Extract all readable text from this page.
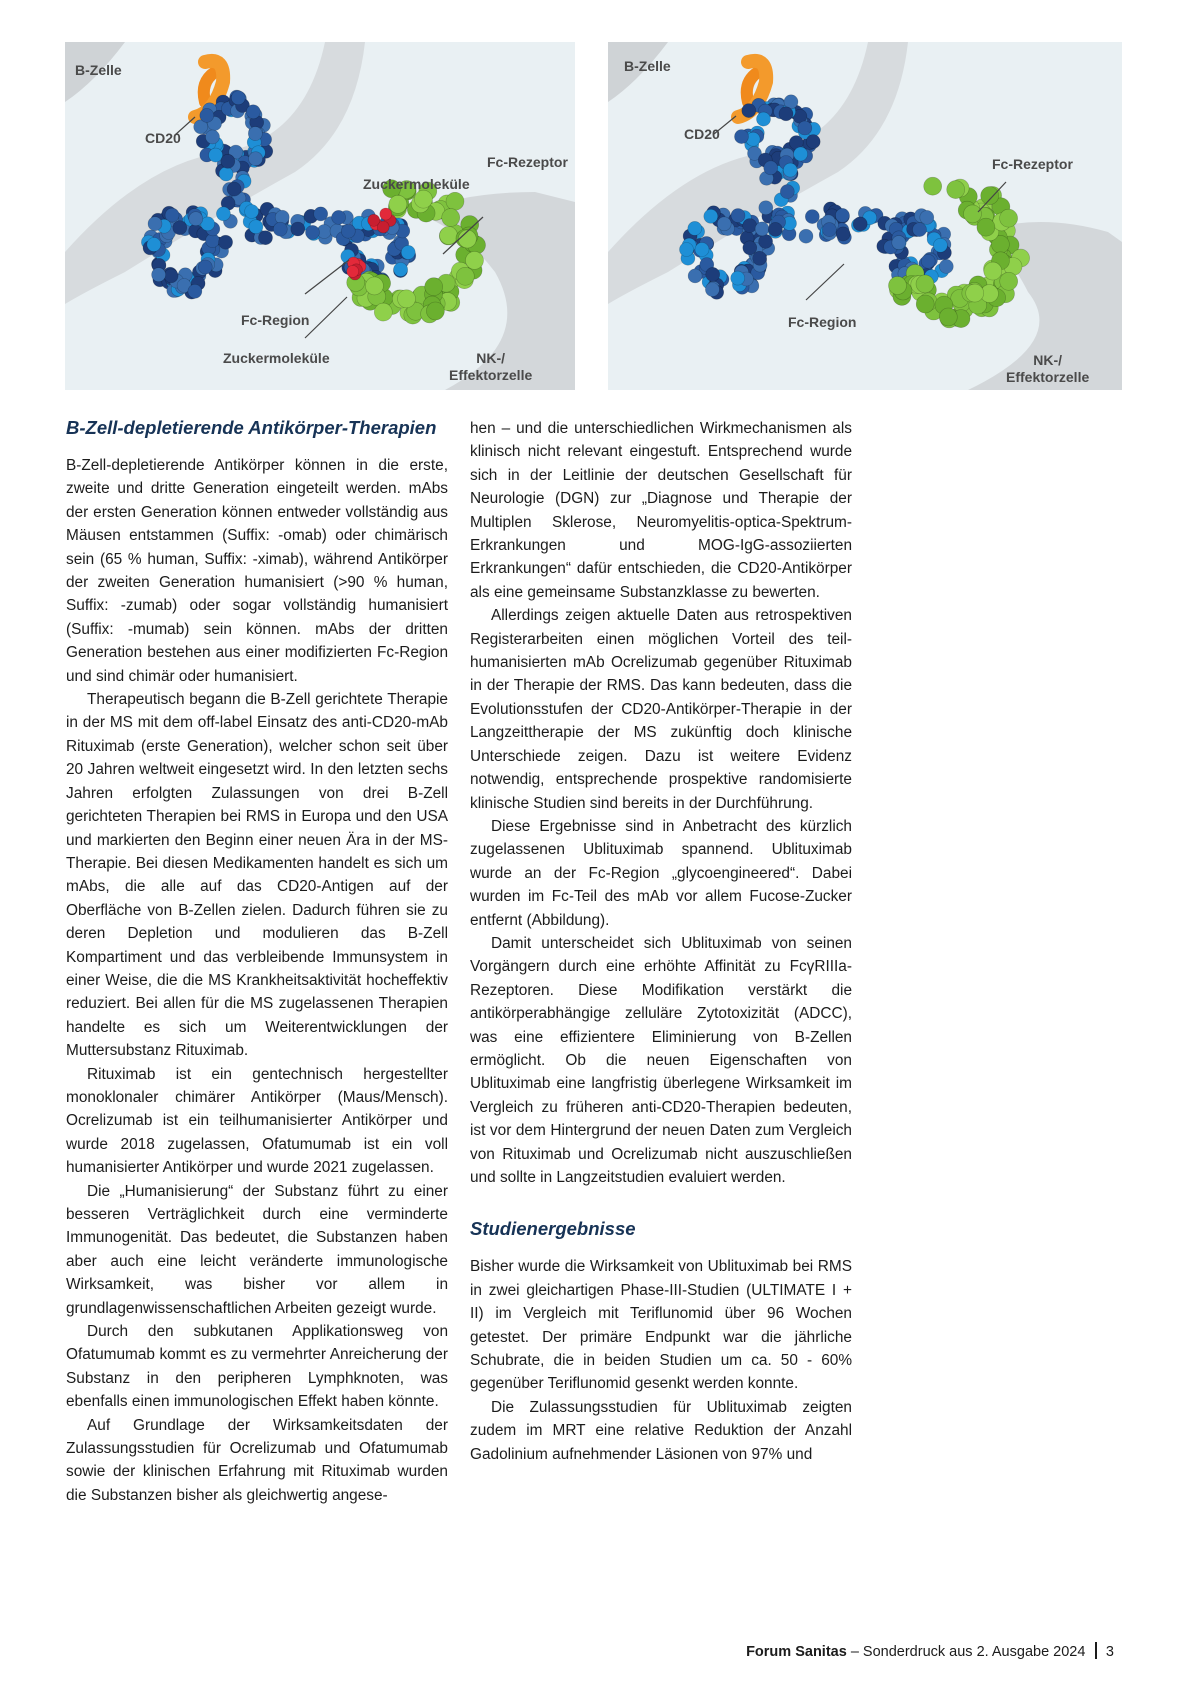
B-Zelle
CD20
Fc-Rezeptor
Zuckermoleküle
Fc-Region
Zuckermoleküle	NK-/
Effektorzelle
B-Zelle
CD20
Fc-Rezeptor
Fc-Region
NK-/
Effektorzelle
B-Zell-depletierende Antikörper-Therapien

B-Zell-depletierende Antikörper können in die erste, zweite und dritte Generation eingeteilt werden. mAbs der ersten Generation können entweder vollständig aus Mäusen entstammen (Suffix: -omab) oder chimärisch sein (65 % human, Suffix: -ximab), während Antikörper der zweiten Generation humanisiert (>90 % human, Suffix: -zumab) oder sogar vollständig humanisiert (Suffix: -mumab) sein können. mAbs der dritten Generation bestehen aus einer modifizierten Fc-Region und sind chimär oder humanisiert.

Therapeutisch begann die B-Zell gerichtete Therapie in der MS mit dem off-label Einsatz des anti-CD20-mAb Rituximab (erste Generation), welcher schon seit über 20 Jahren weltweit eingesetzt wird. In den letzten sechs Jahren erfolgten Zulassungen von drei B-Zell gerichteten Therapien bei RMS in Europa und den USA und markierten den Beginn einer neuen Ära in der MS-Therapie. Bei diesen Medikamenten handelt es sich um mAbs, die alle auf das CD20-Antigen auf der Oberfläche von B-Zellen zielen. Dadurch führen sie zu deren Depletion und modulieren das B-Zell Kompartiment und das verbleibende Immunsystem in einer Weise, die die MS Krankheitsaktivität hocheffektiv reduziert. Bei allen für die MS zugelassenen Therapien handelte es sich um Weiterentwicklungen der Muttersubstanz Rituximab.

Rituximab ist ein gentechnisch hergestellter monoklonaler chimärer Antikörper (Maus/Mensch). Ocrelizumab ist ein teilhumanisierter Antikörper und wurde 2018 zugelassen, Ofatumumab ist ein voll humanisierter Antikörper und wurde 2021 zugelassen.

Die „Humanisierung“ der Substanz führt zu einer besseren Verträglichkeit durch eine verminderte Immunogenität. Das bedeutet, die Substanzen haben aber auch eine leicht veränderte immunologische Wirksamkeit, was bisher vor allem in grundlagenwissenschaftlichen Arbeiten gezeigt wurde.

Durch den subkutanen Applikationsweg von Ofatumumab kommt es zu vermehrter Anreicherung der Substanz in den peripheren Lymphknoten, was ebenfalls einen immunologischen Effekt haben könnte.

Auf Grundlage der Wirksamkeitsdaten der Zulassungsstudien für Ocrelizumab und Ofatumumab sowie der klinischen Erfahrung mit Rituximab wurden die Substanzen bisher als gleichwertig angese-

hen – und die unterschiedlichen Wirkmechanismen als klinisch nicht relevant eingestuft. Entsprechend wurde sich in der Leitlinie der deutschen Gesellschaft für Neurologie (DGN) zur „Diagnose und Therapie der Multiplen Sklerose, Neuromyelitis-optica-Spektrum-Erkrankungen und MOG-IgG-assoziierten Erkrankungen“ dafür entschieden, die CD20-Antikörper als eine gemeinsame Substanzklasse zu bewerten.

Allerdings zeigen aktuelle Daten aus retrospektiven Registerarbeiten einen möglichen Vorteil des teil-humanisierten mAb Ocrelizumab gegenüber Rituximab in der Therapie der RMS. Das kann bedeuten, dass die Evolutionsstufen der CD20-Antikörper-Therapie in der Langzeittherapie der MS zukünftig doch klinische Unterschiede zeigen. Dazu ist weitere Evidenz notwendig, entsprechende prospektive randomisierte klinische Studien sind bereits in der Durchführung.

Diese Ergebnisse sind in Anbetracht des kürzlich zugelassenen Ublituximab spannend. Ublituximab wurde an der Fc-Region „glycoengineered“. Dabei wurden im Fc-Teil des mAb vor allem Fucose-Zucker entfernt (Abbildung).

Damit unterscheidet sich Ublituximab von seinen Vorgängern durch eine erhöhte Affinität zu FcγRIIIa-Rezeptoren. Diese Modifikation verstärkt die antikörperabhängige zelluläre Zytotoxizität (ADCC), was eine effizientere Eliminierung von B-Zellen ermöglicht. Ob die neuen Eigenschaften von Ublituximab eine langfristig überlegene Wirksamkeit im Vergleich zu früheren anti-CD20-Therapien bedeuten, ist vor dem Hintergrund der neuen Daten zum Vergleich von Rituximab und Ocrelizumab nicht auszuschließen und sollte in Langzeitstudien evaluiert werden.

Studienergebnisse

Bisher wurde die Wirksamkeit von Ublituximab bei RMS in zwei gleichartigen Phase-III-Studien (ULTIMATE I + II) im Vergleich mit Teriflunomid über 96 Wochen getestet. Der primäre Endpunkt war die jährliche Schubrate, die in beiden Studien um ca. 50 - 60% gegenüber Teriflunomid gesenkt werden konnte.

Die Zulassungsstudien für Ublituximab zeigten zudem im MRT eine relative Reduktion der Anzahl Gadolinium aufnehmender Läsionen von 97% und

Forum Sanitas – Sonderdruck aus 2. Ausgabe 2024 3
